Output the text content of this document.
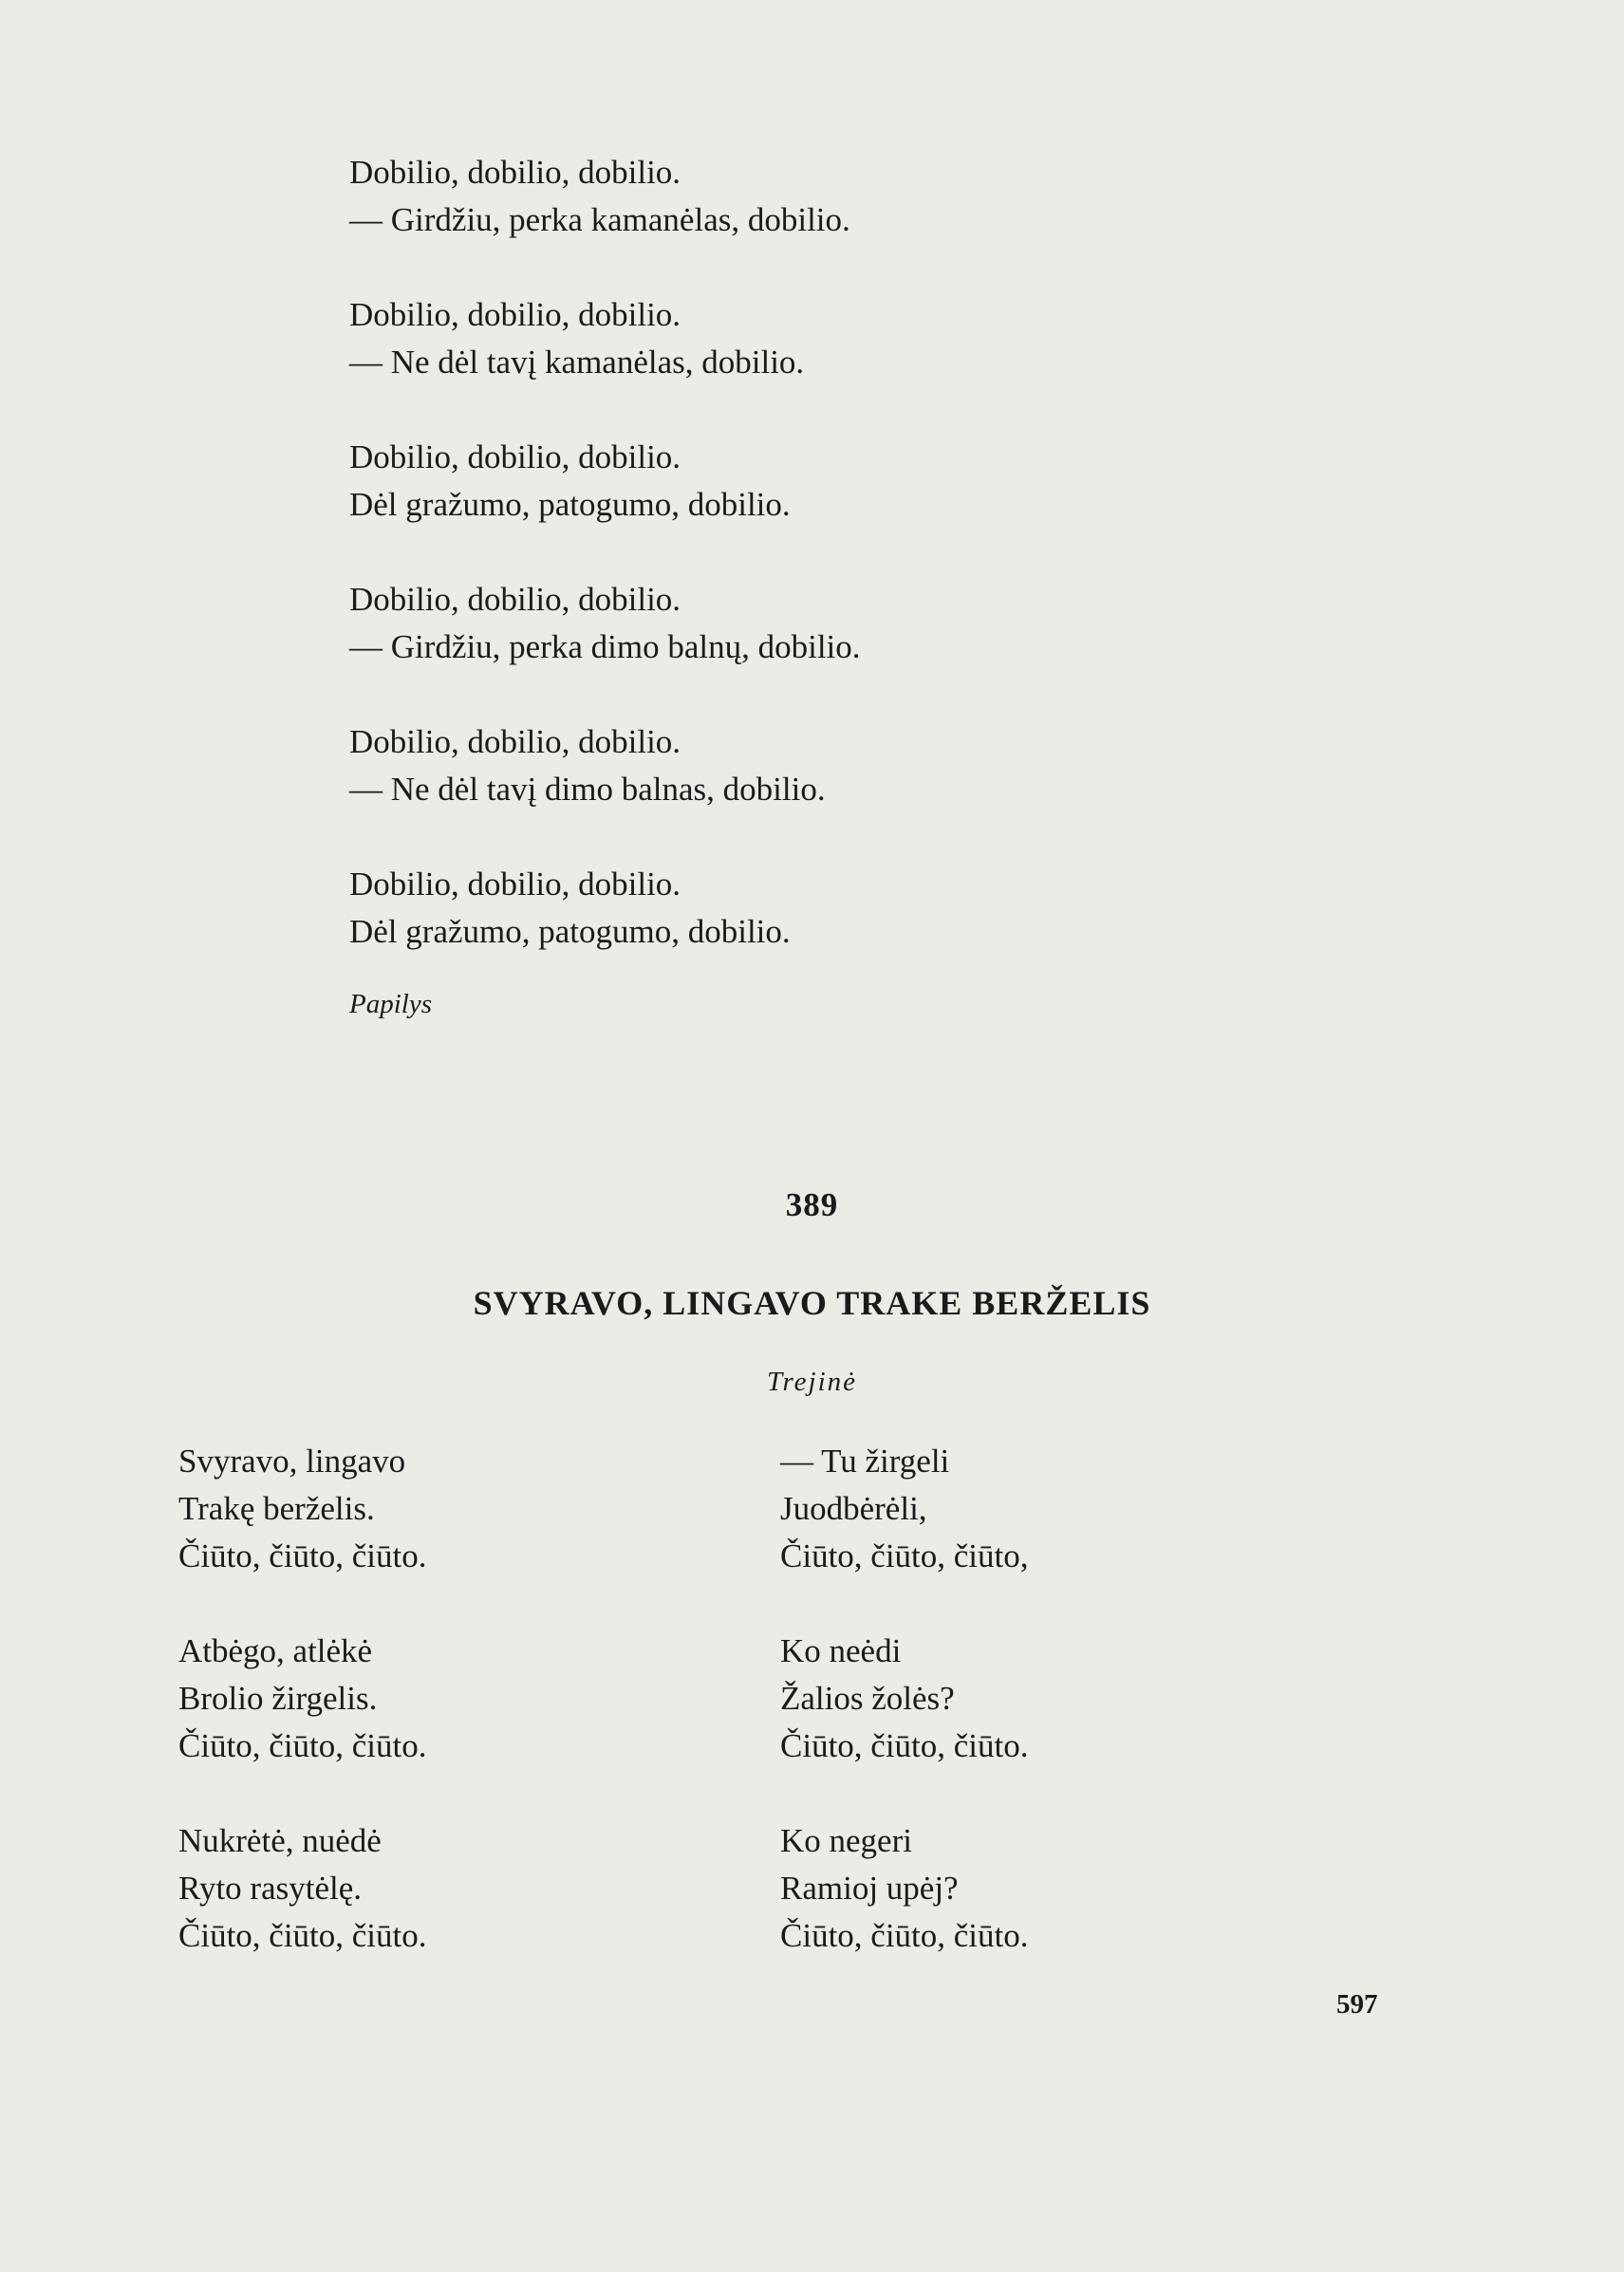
Dobilio, dobilio, dobilio.
— Girdžiu, perka kamanėlas, dobilio.
Dobilio, dobilio, dobilio.
— Ne dėl tavį kamanėlas, dobilio.
Dobilio, dobilio, dobilio.
Dėl gražumo, patogumo, dobilio.
Dobilio, dobilio, dobilio.
— Girdžiu, perka dimo balnų, dobilio.
Dobilio, dobilio, dobilio.
— Ne dėl tavį dimo balnas, dobilio.
Dobilio, dobilio, dobilio.
Dėl gražumo, patogumo, dobilio.
Papilys
389
SVYRAVO, LINGAVO TRAKE BERŽELIS
Trejinė
Svyravo, lingavo
Trakę berželis.
Čiūto, čiūto, čiūto.
Atbėgo, atlėkė
Brolio žirgelis.
Čiūto, čiūto, čiūto.
Nukrėtė, nuėdė
Ryto rasytėlę.
Čiūto, čiūto, čiūto.
— Tu žirgeli
Juodbėrėli,
Čiūto, čiūto, čiūto,
Ko neėdi
Žalios žolės?
Čiūto, čiūto, čiūto.
Ko negeri
Ramioj upėj?
Čiūto, čiūto, čiūto.
597
